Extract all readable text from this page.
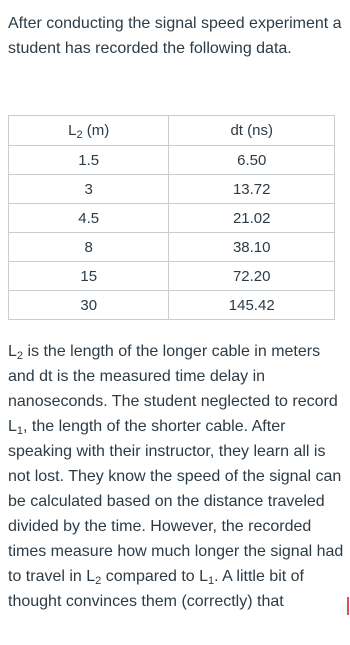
After conducting the signal speed experiment a student has recorded the following data.

$L_2$ (m)	dt (ns)
1.5	6.50
3	13.72
4.5	21.02
8	38.10
15	72.20
30	145.42

$L_2$ is the length of the longer cable in meters and dt is the measured time delay in nanoseconds. The student neglected to record $L_1$, the length of the shorter cable. After speaking with their instructor, they learn all is not lost. They know the speed of the signal can be calculated based on the distance traveled divided by the time. However, the recorded times measure how much longer the signal had to travel in $L_2$ compared to $L_1$. A little bit of thought convinces them (correctly) that
